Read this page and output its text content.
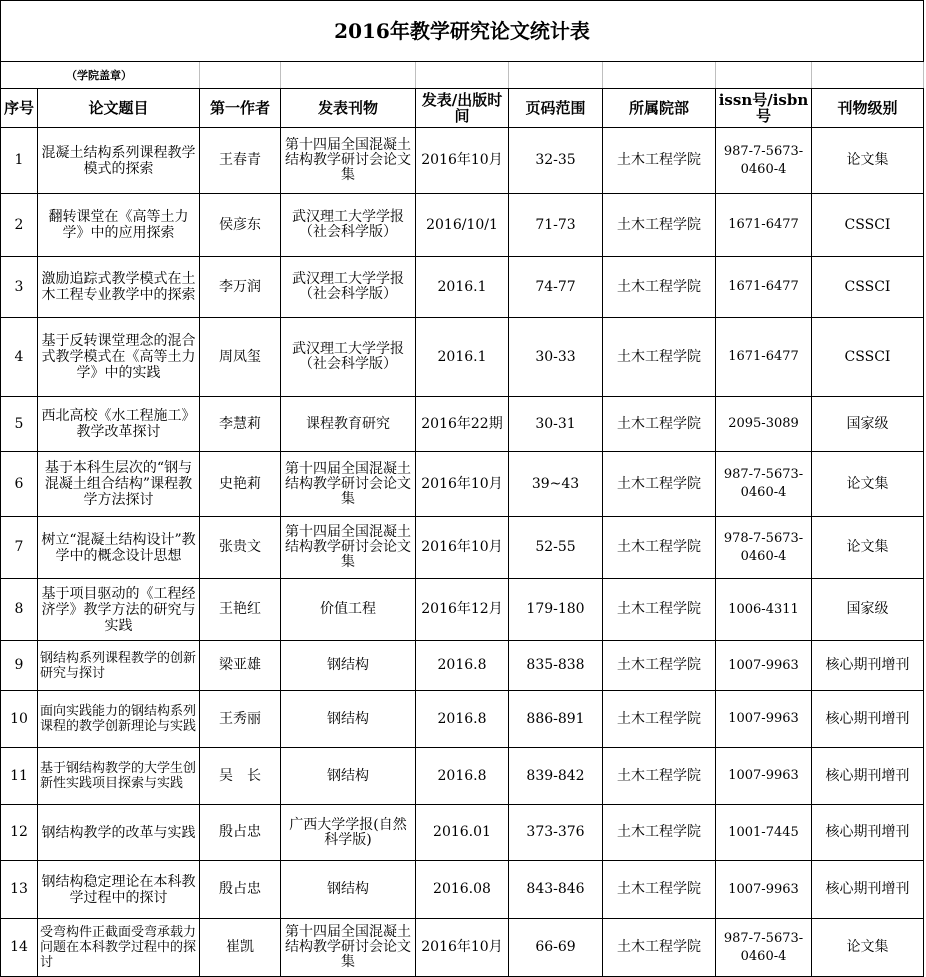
2016年教学研究论文统计表								
（学院盖章）								
序号	论文题目	第一作者	发表刊物	发表/出版时间	页码范围	所属院部	issn号/isbn号	刊物级别
1	混凝土结构系列课程教学模式的探索	王春青	第十四届全国混凝土结构教学研讨会论文集	2016年10月	32-35	土木工程学院	987-7-5673-0460-4	论文集
2	翻转课堂在《高等土力学》中的应用探索	侯彦东	武汉理工大学学报（社会科学版）	2016/10/1	71-73	土木工程学院	1671-6477	CSSCI
3	激励追踪式教学模式在土木工程专业教学中的探索	李万润	武汉理工大学学报（社会科学版）	2016.1	74-77	土木工程学院	1671-6477	CSSCI
4	基于反转课堂理念的混合式教学模式在《高等土力学》中的实践	周凤玺	武汉理工大学学报（社会科学版）	2016.1	30-33	土木工程学院	1671-6477	CSSCI
5	西北高校《水工程施工》教学改革探讨	李慧莉	课程教育研究	2016年22期	30-31	土木工程学院	2095-3089	国家级
6	基于本科生层次的“钢与混凝土组合结构”课程教学方法探讨	史艳莉	第十四届全国混凝土结构教学研讨会论文集	2016年10月	39~43	土木工程学院	987-7-5673-0460-4	论文集
7	树立“混凝土结构设计”教学中的概念设计思想	张贵文	第十四届全国混凝土结构教学研讨会论文集	2016年10月	52-55	土木工程学院	978-7-5673-0460-4	论文集
8	基于项目驱动的《工程经济学》教学方法的研究与实践	王艳红	价值工程	2016年12月	179-180	土木工程学院	1006-4311	国家级
9	钢结构系列课程教学的创新研究与探讨	梁亚雄	钢结构	2016.8	835-838	土木工程学院	1007-9963	核心期刊增刊
10	面向实践能力的钢结构系列课程的教学创新理论与实践	王秀丽	钢结构	2016.8	886-891	土木工程学院	1007-9963	核心期刊增刊
11	基于钢结构教学的大学生创新性实践项目探索与实践	吴　长	钢结构	2016.8	839-842	土木工程学院	1007-9963	核心期刊增刊
12	钢结构教学的改革与实践	殷占忠	广西大学学报(自然科学版)	2016.01	373-376	土木工程学院	1001-7445	核心期刊增刊
13	钢结构稳定理论在本科教学过程中的探讨	殷占忠	钢结构	2016.08	843-846	土木工程学院	1007-9963	核心期刊增刊
14	受弯构件正截面受弯承载力问题在本科教学过程中的探讨	崔凯	第十四届全国混凝土结构教学研讨会论文集	2016年10月	66-69	土木工程学院	987-7-5673-0460-4	论文集
